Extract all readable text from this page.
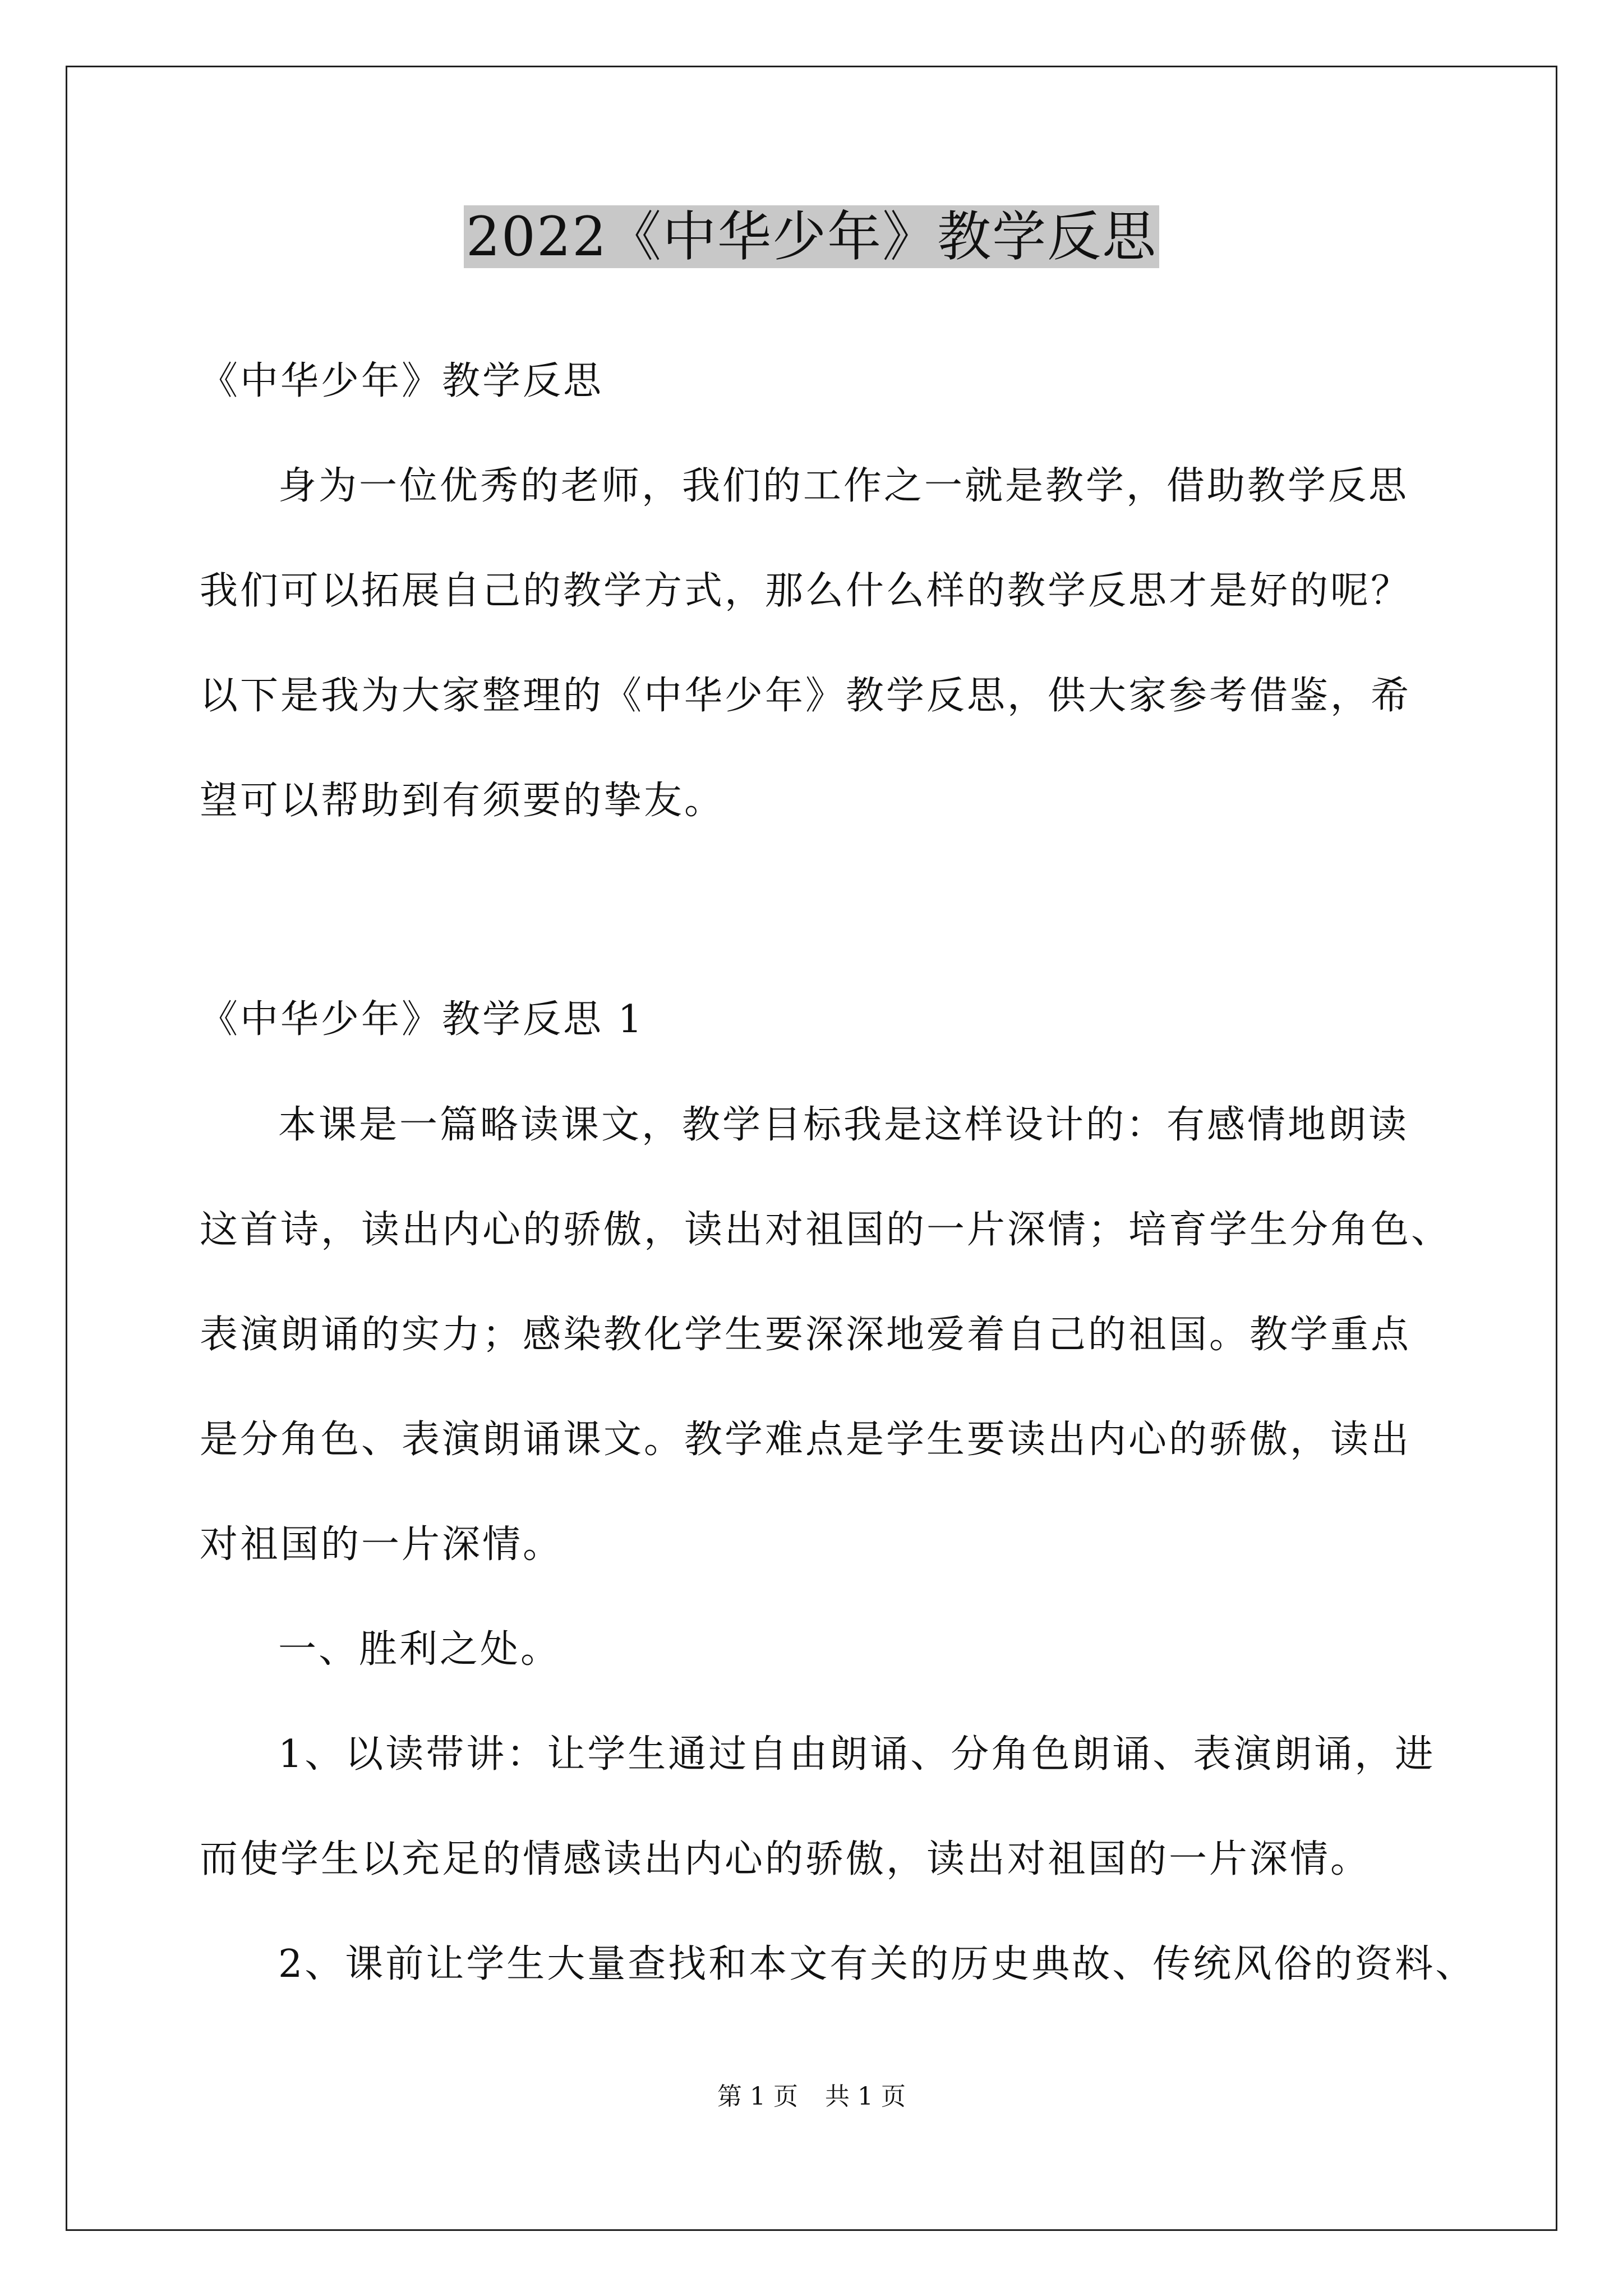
2022《中华少年》教学反思
《中华少年》教学反思
身为一位优秀的老师，我们的工作之一就是教学，借助教学反思
我们可以拓展自己的教学方式，那么什么样的教学反思才是好的呢？
以下是我为大家整理的《中华少年》教学反思，供大家参考借鉴，希
望可以帮助到有须要的挚友。
《中华少年》教学反思 1
本课是一篇略读课文，教学目标我是这样设计的：有感情地朗读
这首诗，读出内心的骄傲，读出对祖国的一片深情；培育学生分角色、
表演朗诵的实力；感染教化学生要深深地爱着自己的祖国。教学重点
是分角色、表演朗诵课文。教学难点是学生要读出内心的骄傲，读出
对祖国的一片深情。
一、胜利之处。
1、以读带讲：让学生通过自由朗诵、分角色朗诵、表演朗诵，进
而使学生以充足的情感读出内心的骄傲，读出对祖国的一片深情。
2、课前让学生大量查找和本文有关的历史典故、传统风俗的资料、
第 1 页 共 1 页
